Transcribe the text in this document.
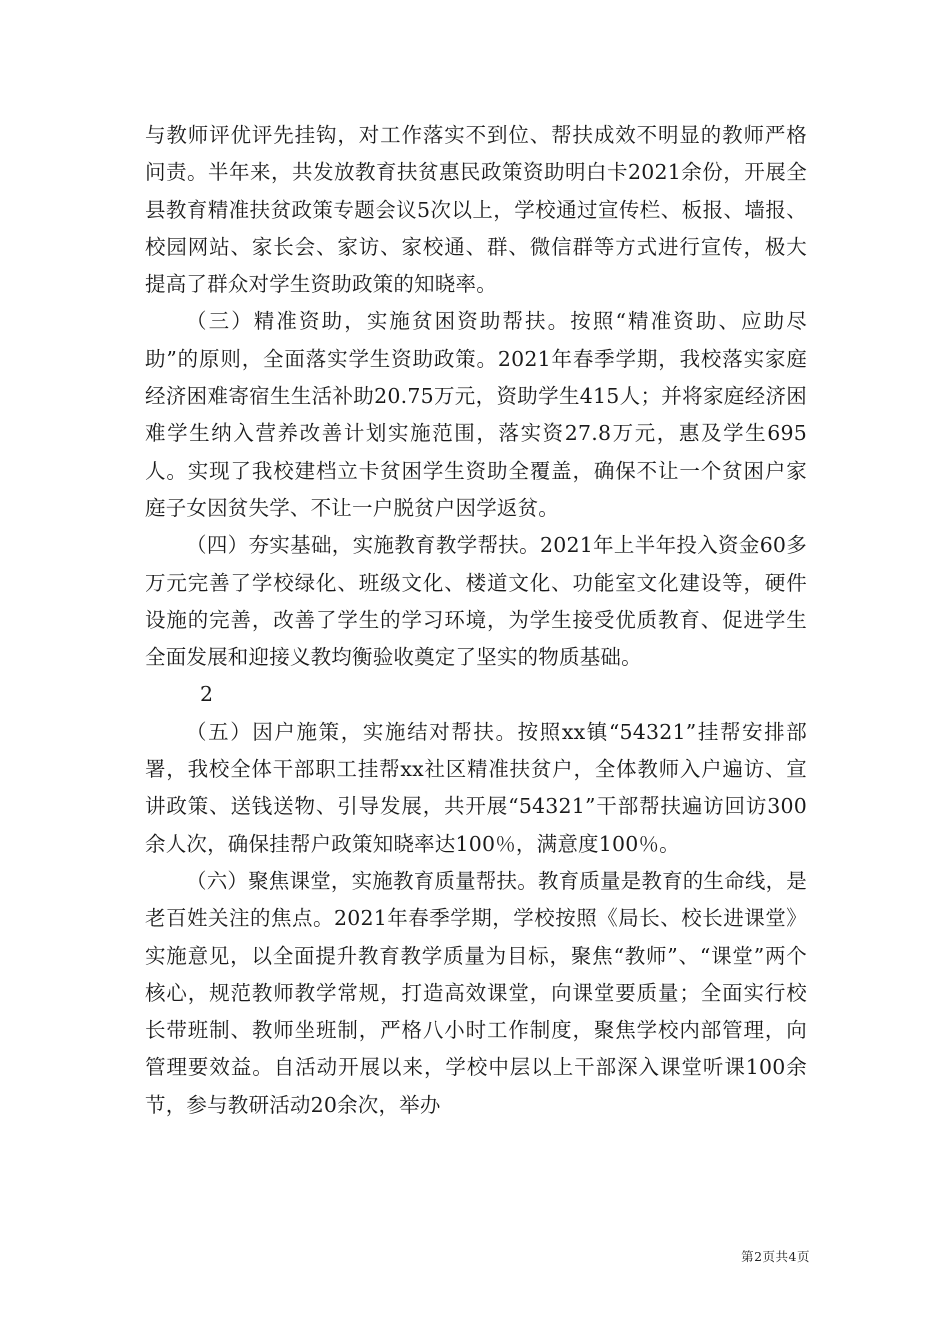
与教师评优评先挂钩，对工作落实不到位、帮扶成效不明显的教师严格问责。半年来，共发放教育扶贫惠民政策资助明白卡2021余份，开展全县教育精准扶贫政策专题会议5次以上，学校通过宣传栏、板报、墙报、校园网站、家长会、家访、家校通、群、微信群等方式进行宣传，极大提高了群众对学生资助政策的知晓率。

（三）精准资助，实施贫困资助帮扶。按照“精准资助、应助尽助”的原则，全面落实学生资助政策。2021年春季学期，我校落实家庭经济困难寄宿生生活补助20.75万元，资助学生415人；并将家庭经济困难学生纳入营养改善计划实施范围，落实资27.8万元，惠及学生695人。实现了我校建档立卡贫困学生资助全覆盖，确保不让一个贫困户家庭子女因贫失学、不让一户脱贫户因学返贫。

（四）夯实基础，实施教育教学帮扶。2021年上半年投入资金60多万元完善了学校绿化、班级文化、楼道文化、功能室文化建设等，硬件设施的完善，改善了学生的学习环境，为学生接受优质教育、促进学生全面发展和迎接义教均衡验收奠定了坚实的物质基础。

2

（五）因户施策，实施结对帮扶。按照xx镇“54321”挂帮安排部署，我校全体干部职工挂帮xx社区精准扶贫户，全体教师入户遍访、宣讲政策、送钱送物、引导发展，共开展“54321”干部帮扶遍访回访300余人次，确保挂帮户政策知晓率达100％，满意度100％。

（六）聚焦课堂，实施教育质量帮扶。教育质量是教育的生命线，是老百姓关注的焦点。2021年春季学期，学校按照《局长、校长进课堂》实施意见，以全面提升教育教学质量为目标，聚焦“教师”、“课堂”两个核心，规范教师教学常规，打造高效课堂，向课堂要质量；全面实行校长带班制、教师坐班制，严格八小时工作制度，聚焦学校内部管理，向管理要效益。自活动开展以来，学校中层以上干部深入课堂听课100余节，参与教研活动20余次，举办

第2页共4页
